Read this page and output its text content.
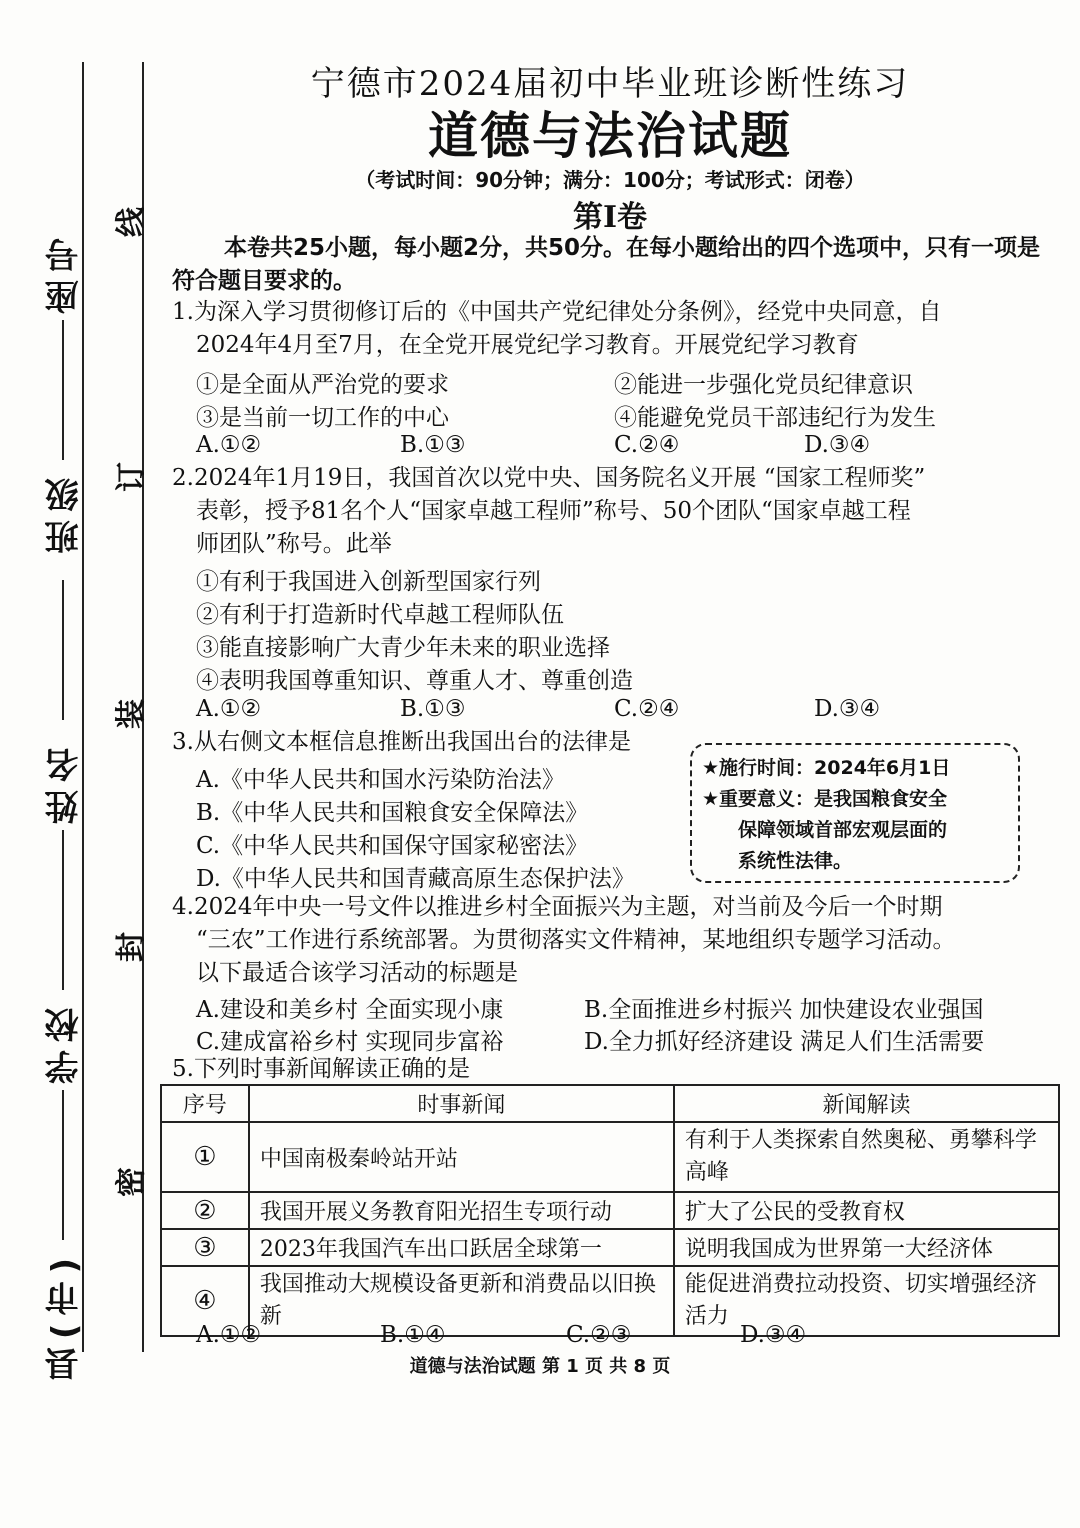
座号
班级
姓名
学校
县(市)
线
订
装
封
密
宁德市2024届初中毕业班诊断性练习
道德与法治试题
（考试时间：90分钟；满分：100分；考试形式：闭卷）
第Ⅰ卷
本卷共25小题，每小题2分，共50分。在每小题给出的四个选项中，只有一项是符合题目要求的。
1.为深入学习贯彻修订后的《中国共产党纪律处分条例》，经党中央同意，自
2024年4月至7月，在全党开展党纪学习教育。开展党纪学习教育
①是全面从严治党的要求	②能进一步强化党员纪律意识
③是当前一切工作的中心	④能避免党员干部违纪行为发生
A.①②	B.①③	C.②④	D.③④
2.2024年1月19日，我国首次以党中央、国务院名义开展 “国家工程师奖”
表彰，授予81名个人“国家卓越工程师”称号、50个团队“国家卓越工程
师团队”称号。此举
①有利于我国进入创新型国家行列
②有利于打造新时代卓越工程师队伍
③能直接影响广大青少年未来的职业选择
④表明我国尊重知识、尊重人才、尊重创造
A.①②	B.①③	C.②④	D.③④
3.从右侧文本框信息推断出我国出台的法律是
A.《中华人民共和国水污染防治法》
B.《中华人民共和国粮食安全保障法》
C.《中华人民共和国保守国家秘密法》
D.《中华人民共和国青藏高原生态保护法》
★施行时间：2024年6月1日
★重要意义：是我国粮食安全
保障领域首部宏观层面的
系统性法律。
4.2024年中央一号文件以推进乡村全面振兴为主题，对当前及今后一个时期
“三农”工作进行系统部署。为贯彻落实文件精神，某地组织专题学习活动。
以下最适合该学习活动的标题是
A.建设和美乡村 全面实现小康	B.全面推进乡村振兴 加快建设农业强国
C.建成富裕乡村 实现同步富裕	D.全力抓好经济建设 满足人们生活需要
5.下列时事新闻解读正确的是
序号	时事新闻	新闻解读
①	中国南极秦岭站开站	有利于人类探索自然奥秘、勇攀科学高峰
②	我国开展义务教育阳光招生专项行动	扩大了公民的受教育权
③	2023年我国汽车出口跃居全球第一	说明我国成为世界第一大经济体
④	我国推动大规模设备更新和消费品以旧换新	能促进消费拉动投资、切实增强经济活力
A.①②	B.①④	C.②③	D.③④
道德与法治试题 第 1 页 共 8 页
